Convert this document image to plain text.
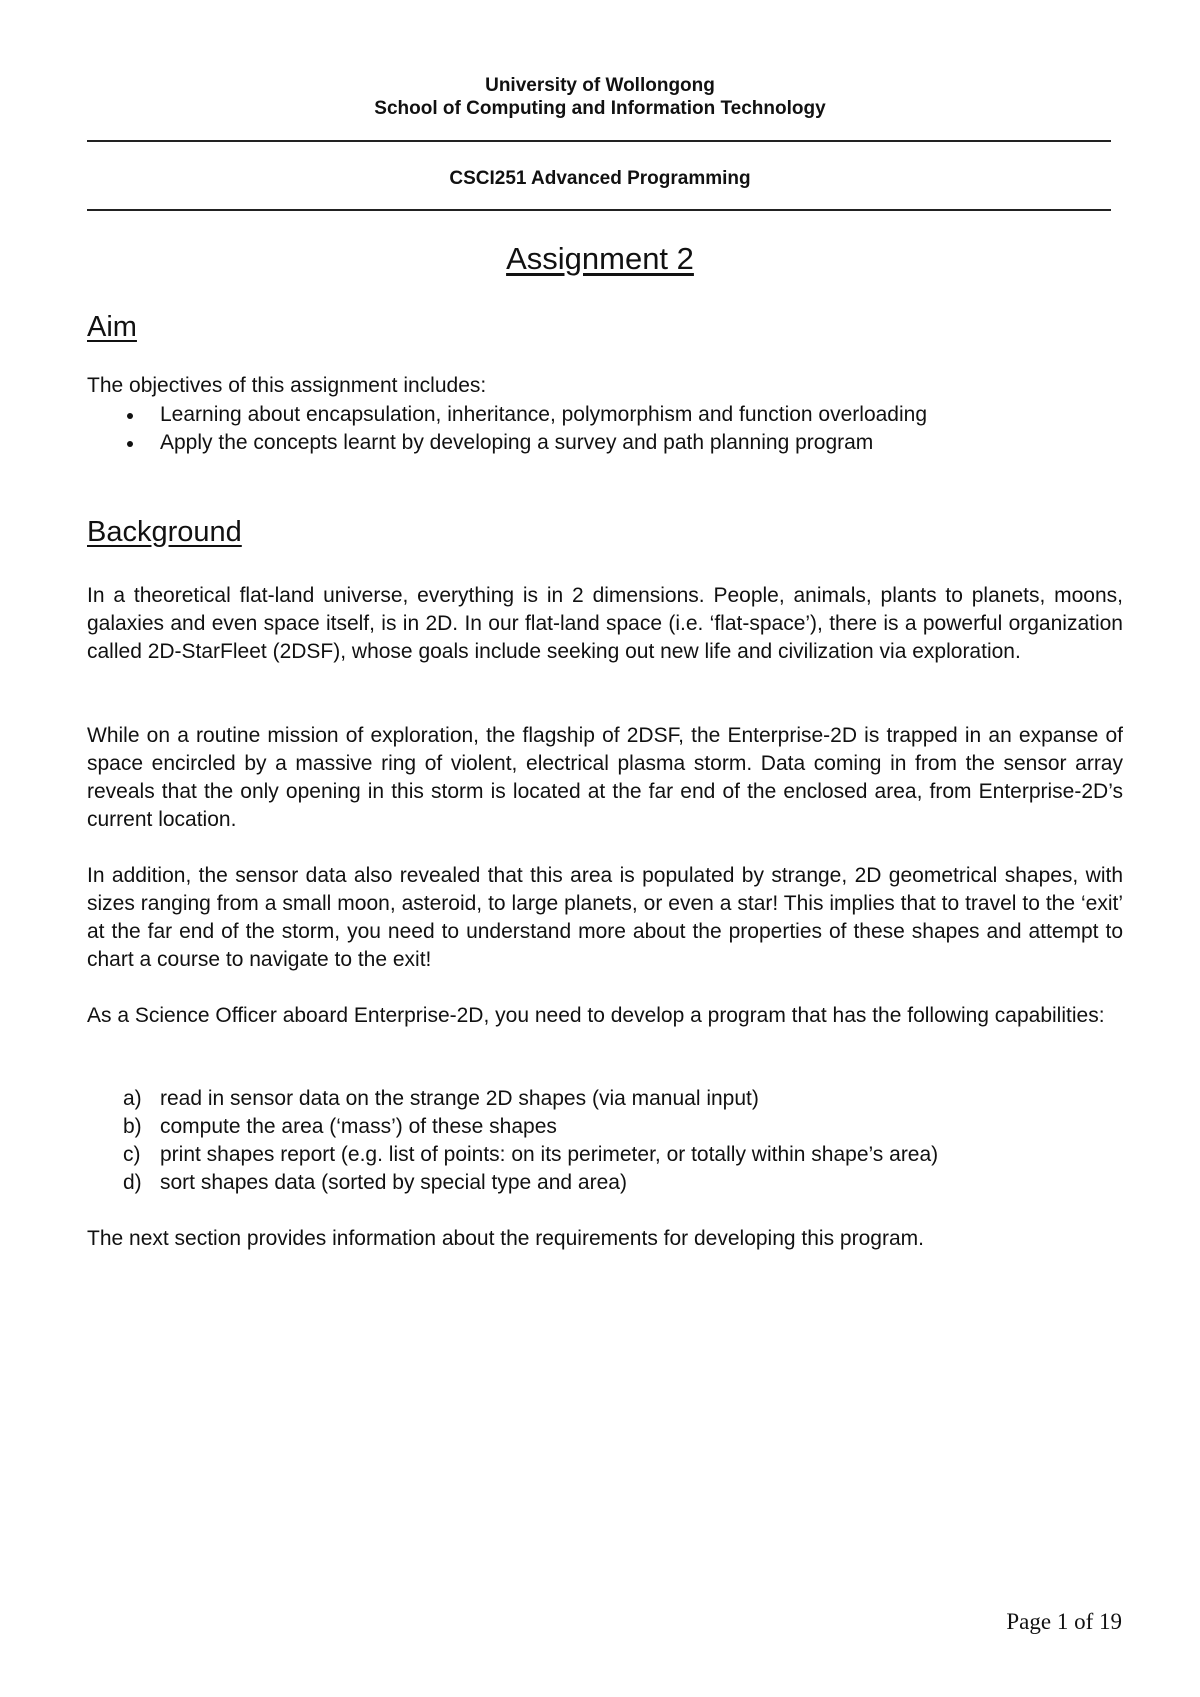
University of Wollongong
School of Computing and Information Technology
CSCI251 Advanced Programming
Assignment 2
Aim
The objectives of this assignment includes:
Learning about encapsulation, inheritance, polymorphism and function overloading
Apply the concepts learnt by developing a survey and path planning program
Background

In a theoretical flat-land universe, everything is in 2 dimensions. People, animals, plants to planets, moons, galaxies and even space itself, is in 2D. In our flat-land space (i.e. ‘flat-space’), there is a powerful organization called 2D-StarFleet (2DSF), whose goals include seeking out new life and civilization via exploration.

While on a routine mission of exploration, the flagship of 2DSF, the Enterprise-2D is trapped in an expanse of space encircled by a massive ring of violent, electrical plasma storm. Data coming in from the sensor array reveals that the only opening in this storm is located at the far end of the enclosed area, from Enterprise-2D’s current location.

In addition, the sensor data also revealed that this area is populated by strange, 2D geometrical shapes, with sizes ranging from a small moon, asteroid, to large planets, or even a star! This implies that to travel to the ‘exit’ at the far end of the storm, you need to understand more about the properties of these shapes and attempt to chart a course to navigate to the exit!

As a Science Officer aboard Enterprise-2D, you need to develop a program that has the following capabilities:

a) read in sensor data on the strange 2D shapes (via manual input)
b) compute the area (‘mass’) of these shapes
c) print shapes report (e.g. list of points: on its perimeter, or totally within shape’s area)
d) sort shapes data (sorted by special type and area)
The next section provides information about the requirements for developing this program.
Page 1 of 19
